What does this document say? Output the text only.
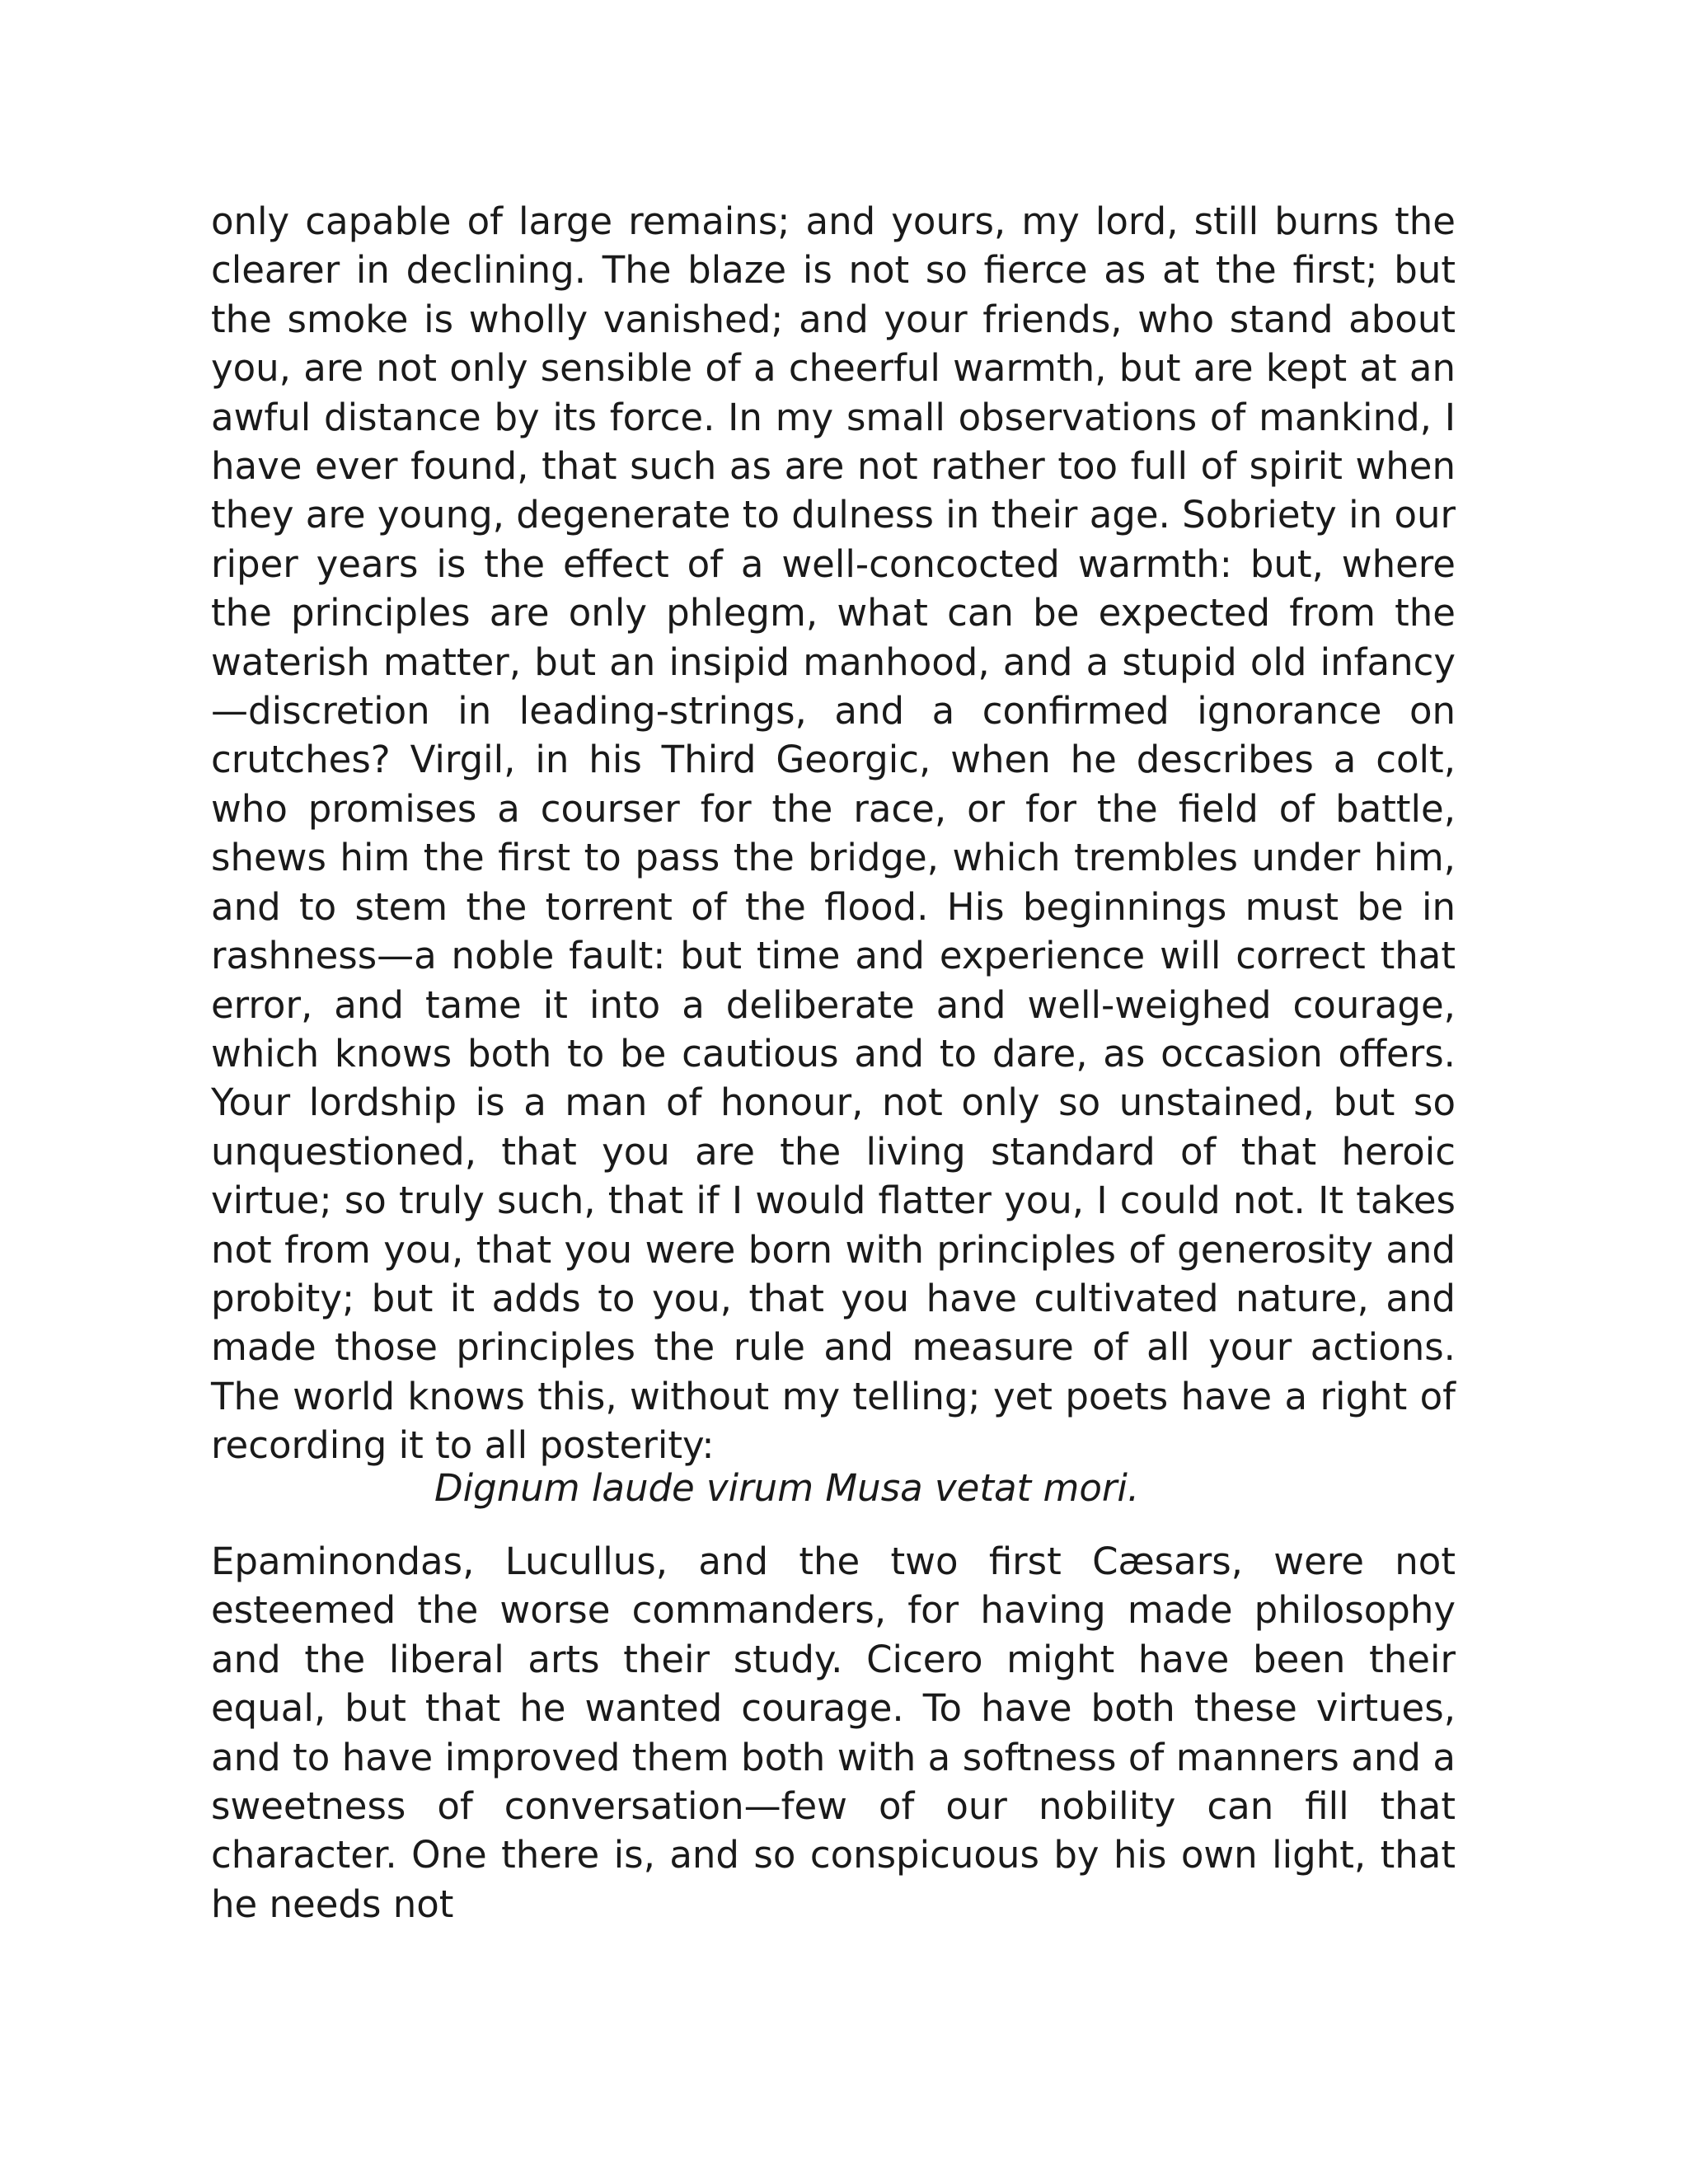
only capable of large remains; and yours, my lord, still burns the clearer in declining. The blaze is not so fierce as at the first; but the smoke is wholly vanished; and your friends, who stand about you, are not only sensible of a cheerful warmth, but are kept at an awful distance by its force. In my small observations of mankind, I have ever found, that such as are not rather too full of spirit when they are young, degenerate to dulness in their age. Sobriety in our riper years is the effect of a well-concocted warmth: but, where the principles are only phlegm, what can be expected from the waterish matter, but an insipid manhood, and a stupid old infancy—discretion in leading-strings, and a confirmed ignorance on crutches? Virgil, in his Third Georgic, when he describes a colt, who promises a courser for the race, or for the field of battle, shews him the first to pass the bridge, which trembles under him, and to stem the torrent of the flood. His beginnings must be in rashness—a noble fault: but time and experience will correct that error, and tame it into a deliberate and well-weighed courage, which knows both to be cautious and to dare, as occasion offers. Your lordship is a man of honour, not only so unstained, but so unquestioned, that you are the living standard of that heroic virtue; so truly such, that if I would flatter you, I could not. It takes not from you, that you were born with principles of generosity and probity; but it adds to you, that you have cultivated nature, and made those principles the rule and measure of all your actions. The world knows this, without my telling; yet poets have a right of recording it to all posterity:

Dignum laude virum Musa vetat mori.

Epaminondas, Lucullus, and the two first Cæsars, were not esteemed the worse commanders, for having made philosophy and the liberal arts their study. Cicero might have been their equal, but that he wanted courage. To have both these virtues, and to have improved them both with a softness of manners and a sweetness of conversation—few of our nobility can fill that character. One there is, and so conspicuous by his own light, that he needs not
